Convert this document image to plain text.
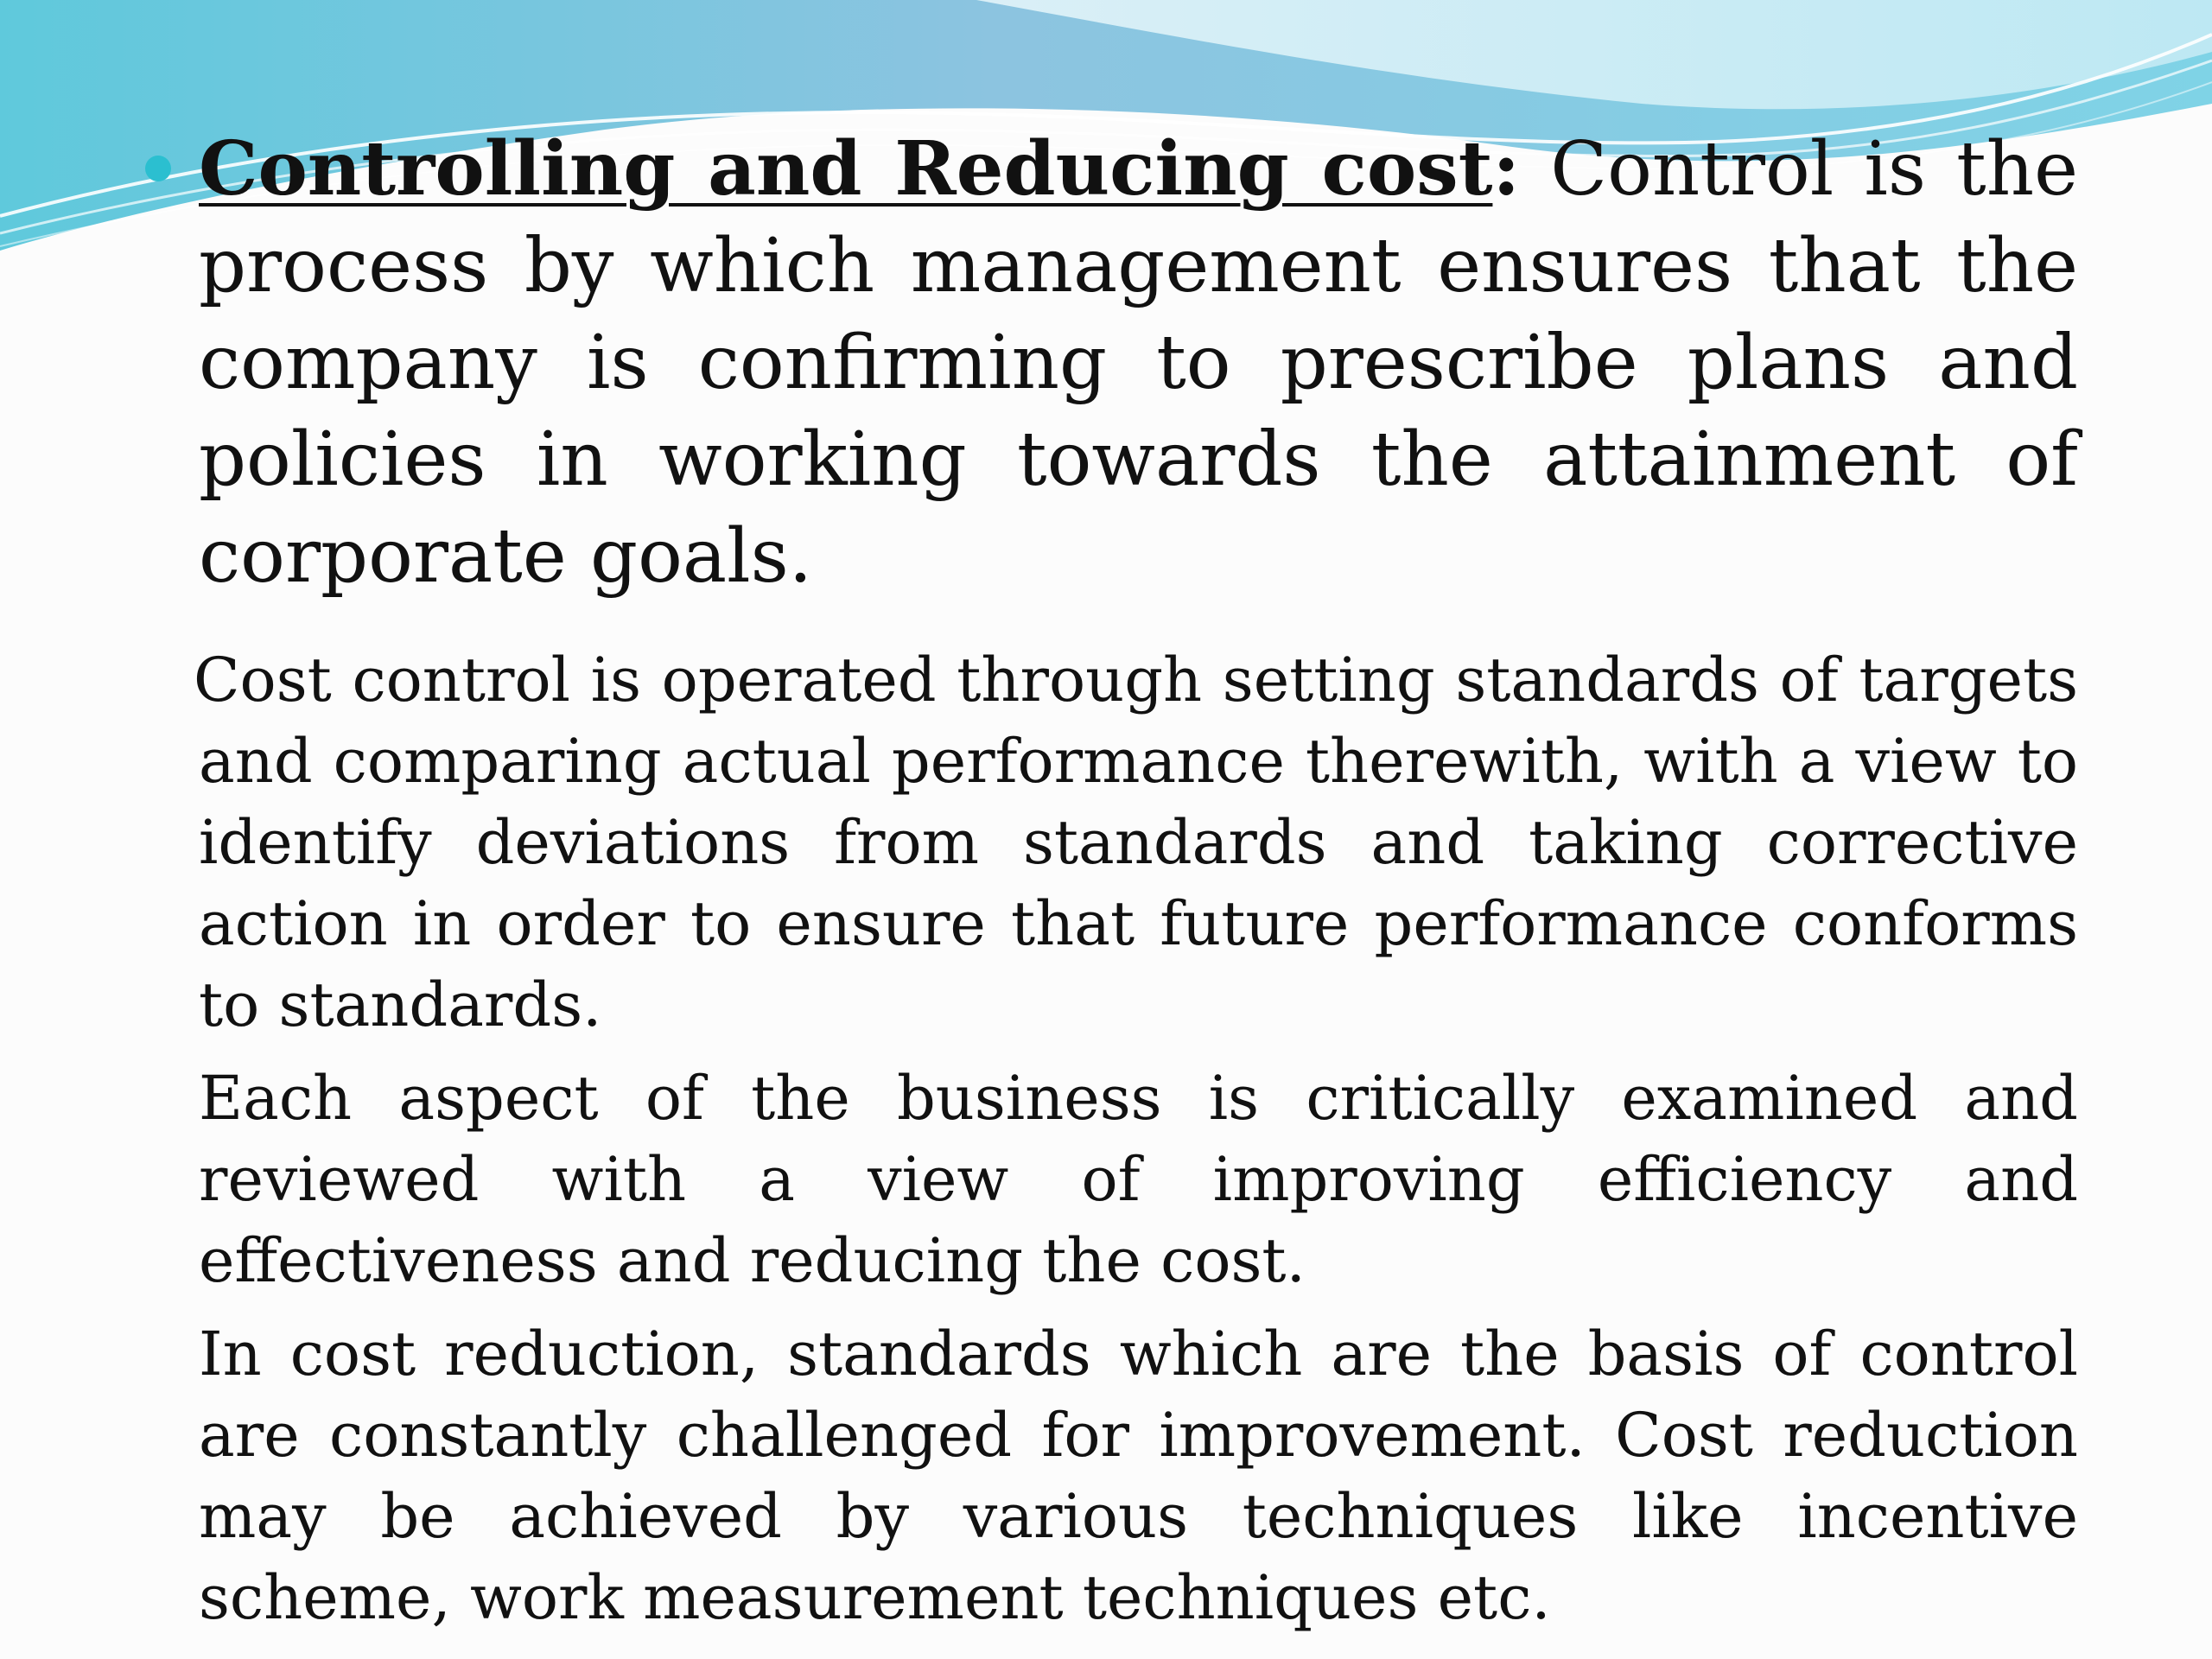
Controlling and Reducing cost: Control is the process by which management ensures that the company is confirming to prescribe plans and policies in working towards the attainment of corporate goals.

Cost control is operated through setting standards of targets and comparing actual performance therewith, with a view to identify deviations from standards and taking corrective action in order to ensure that future performance conforms to standards.

Each aspect of the business is critically examined and reviewed with a view of improving efficiency and effectiveness and reducing the cost.

In cost reduction, standards which are the basis of control are constantly challenged for improvement. Cost reduction may be achieved by various techniques like incentive scheme, work measurement techniques etc.
